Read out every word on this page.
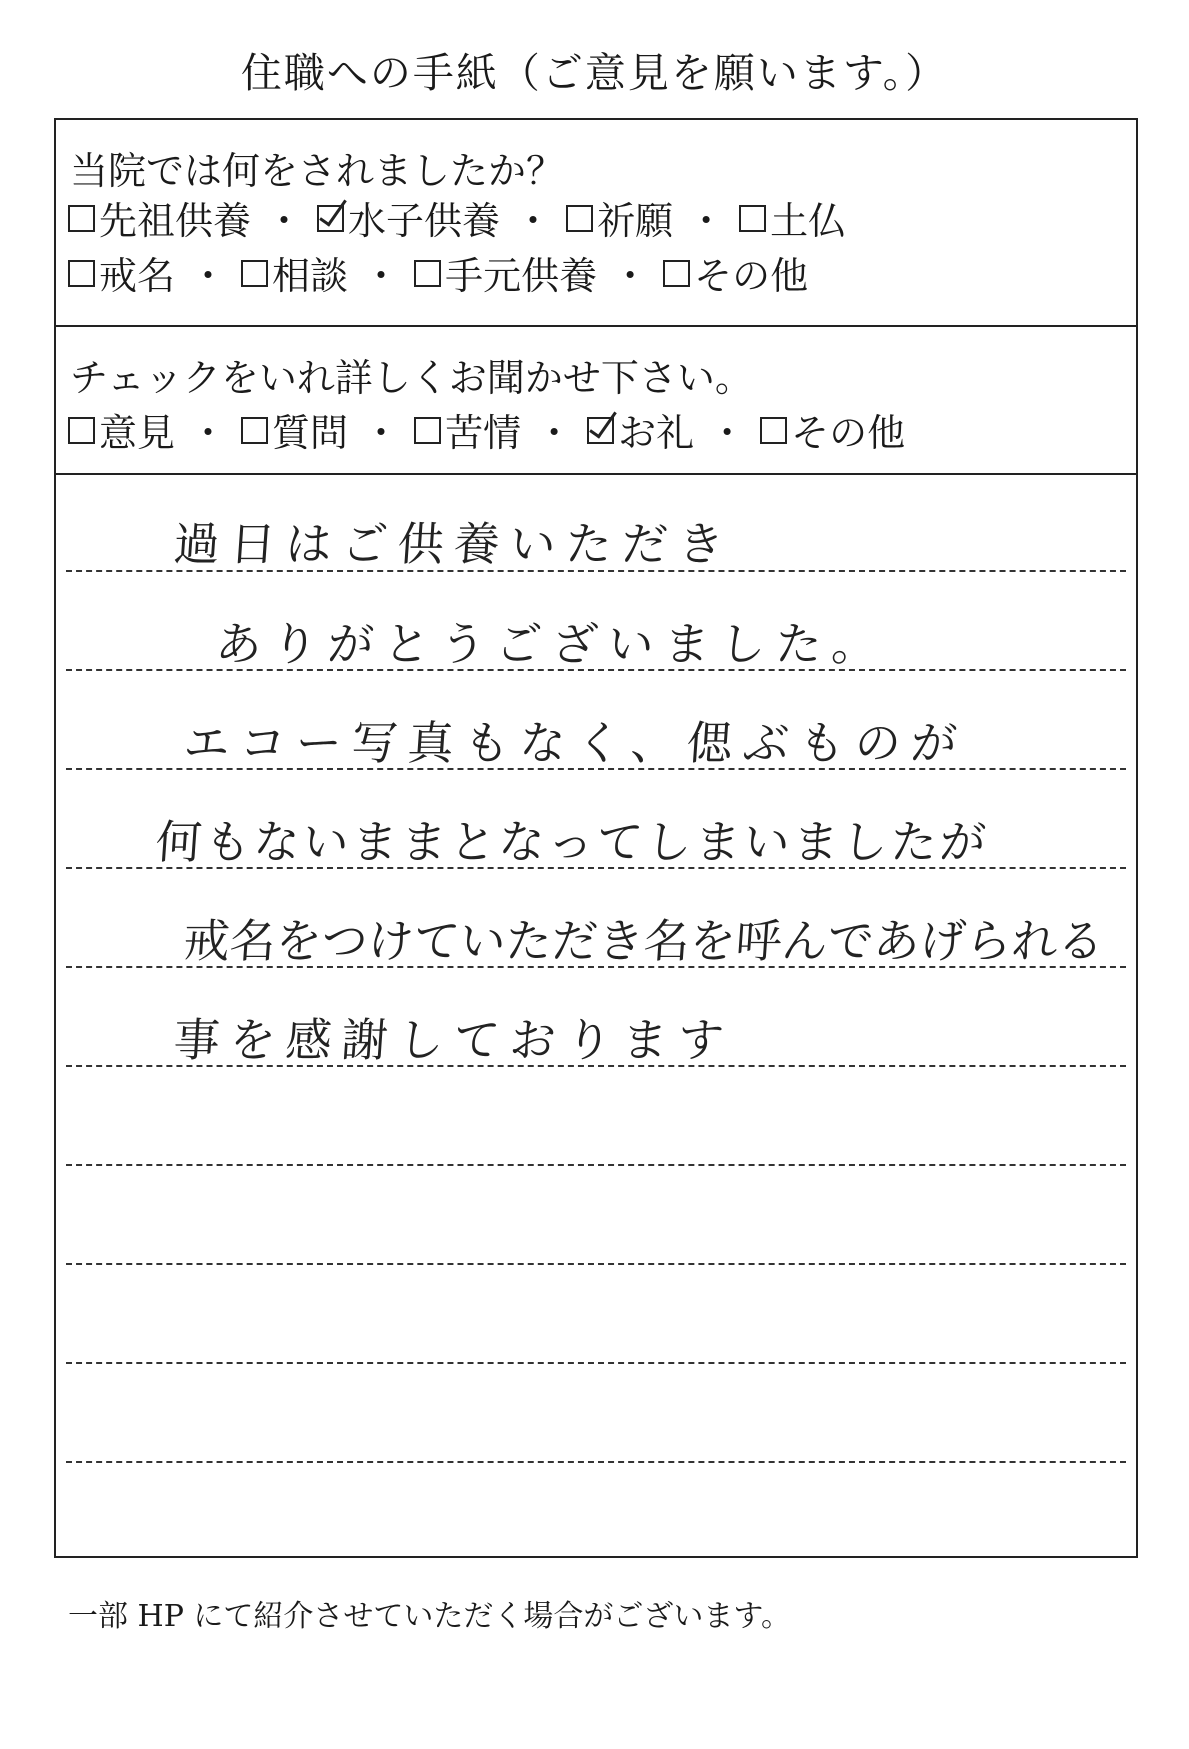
住職への手紙（ご意見を願います。）
当院では何をされましたか？
先祖供養 ・ 水子供養 ・ 祈願 ・ 土仏
戒名 ・ 相談 ・ 手元供養 ・ その他
チェックをいれ詳しくお聞かせ下さい。
意見 ・ 質問 ・ 苦情 ・ お礼 ・ その他
過日はご供養いただき
ありがとうございました。
エコー写真もなく、偲ぶものが
何もないままとなってしまいましたが
戒名をつけていただき名を呼んであげられる
事を感謝しております
一部 HP にて紹介させていただく場合がございます。
